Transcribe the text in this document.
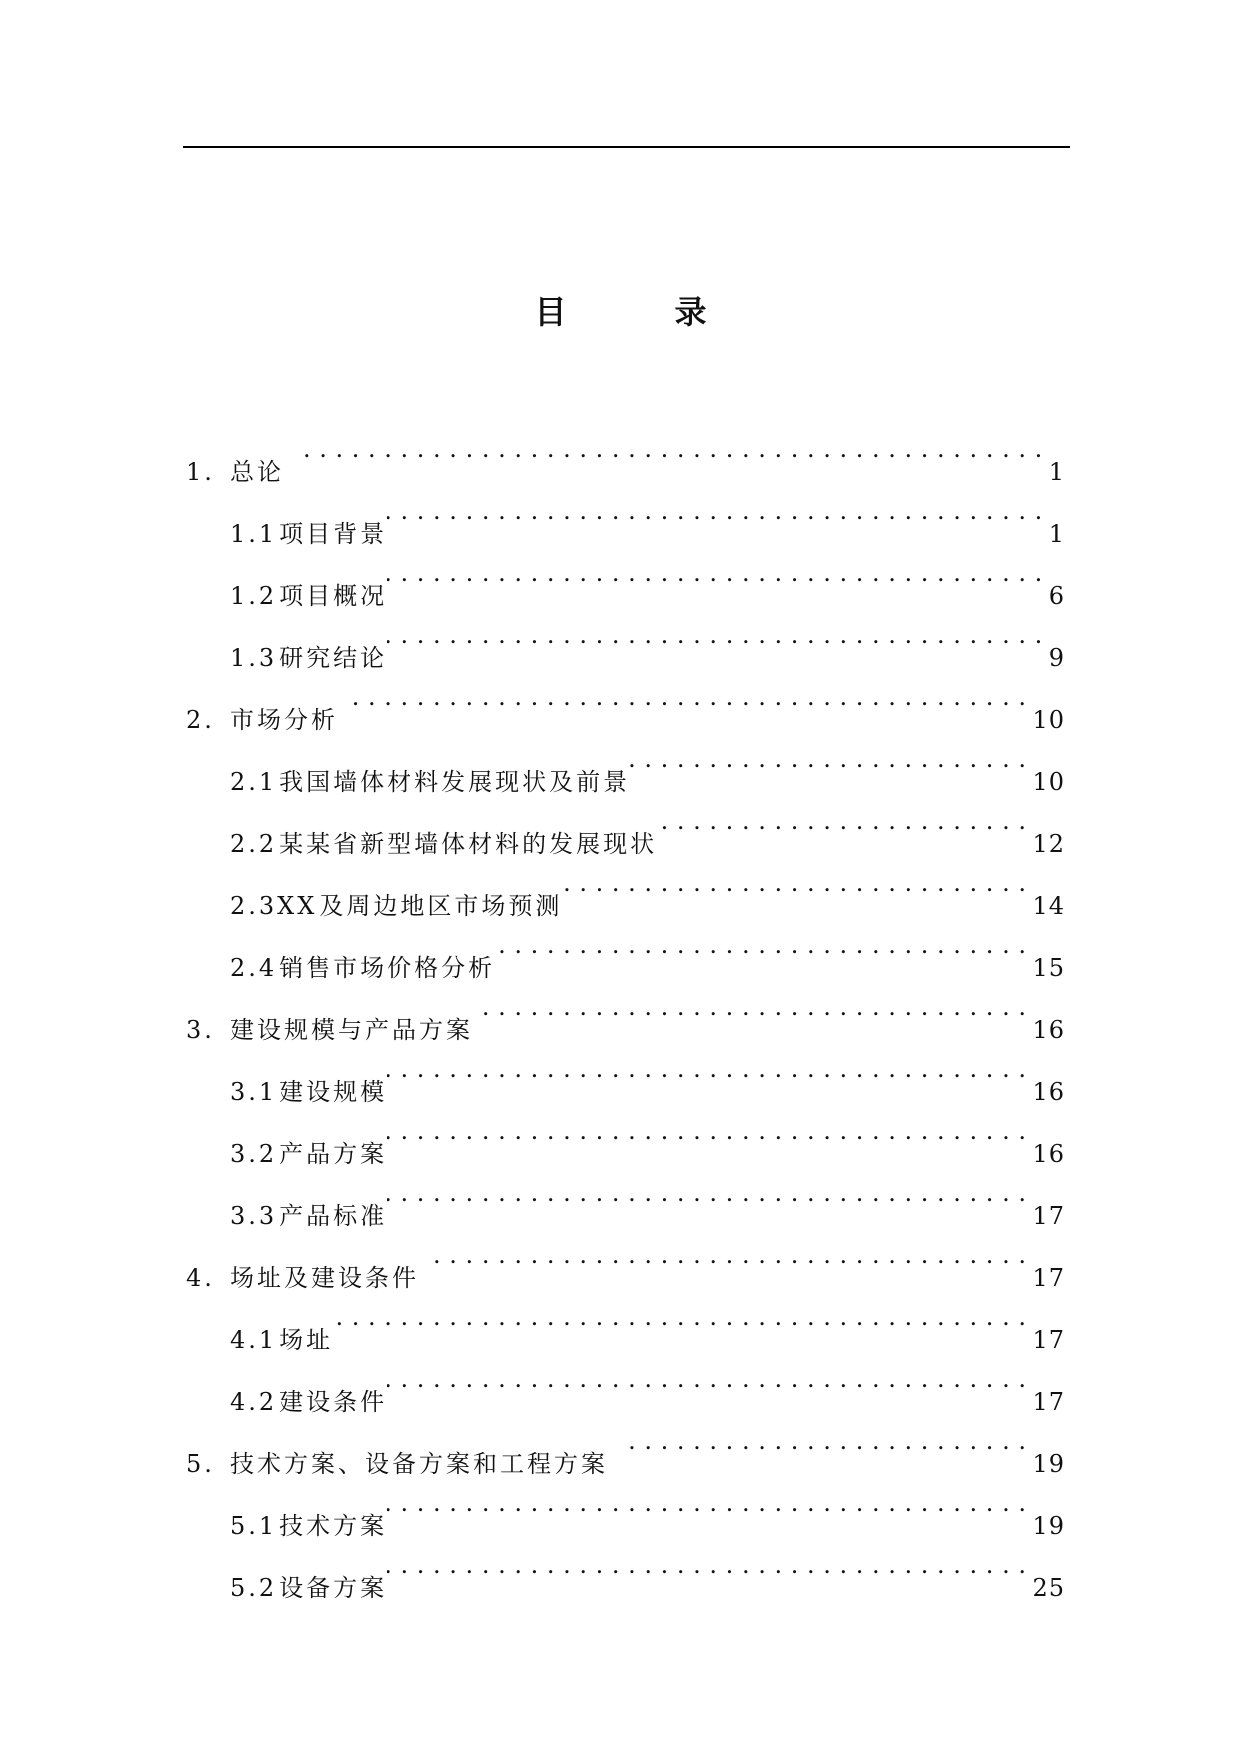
目　录
1. 总论 . . .	1
1.1 项目背景 . . .	1
1.2 项目概况 . . .	6
1.3 研究结论 . . .	9
2. 市场分析 . . .	10
2.1 我国墙体材料发展现状及前景 . . .	10
2.2 某某省新型墙体材料的发展现状 . . .	12
2.3XX 及周边地区市场预测 . . .	14
2.4 销售市场价格分析 . . .	15
3. 建设规模与产品方案 . . .	16
3.1 建设规模 . . .	16
3.2 产品方案 . . .	16
3.3 产品标准 . . .	17
4. 场址及建设条件 . . .	17
4.1 场址 . . .	17
4.2 建设条件 . . .	17
5. 技术方案、设备方案和工程方案 . . .	19
5.1 技术方案 . . .	19
5.2 设备方案 . . .	25
